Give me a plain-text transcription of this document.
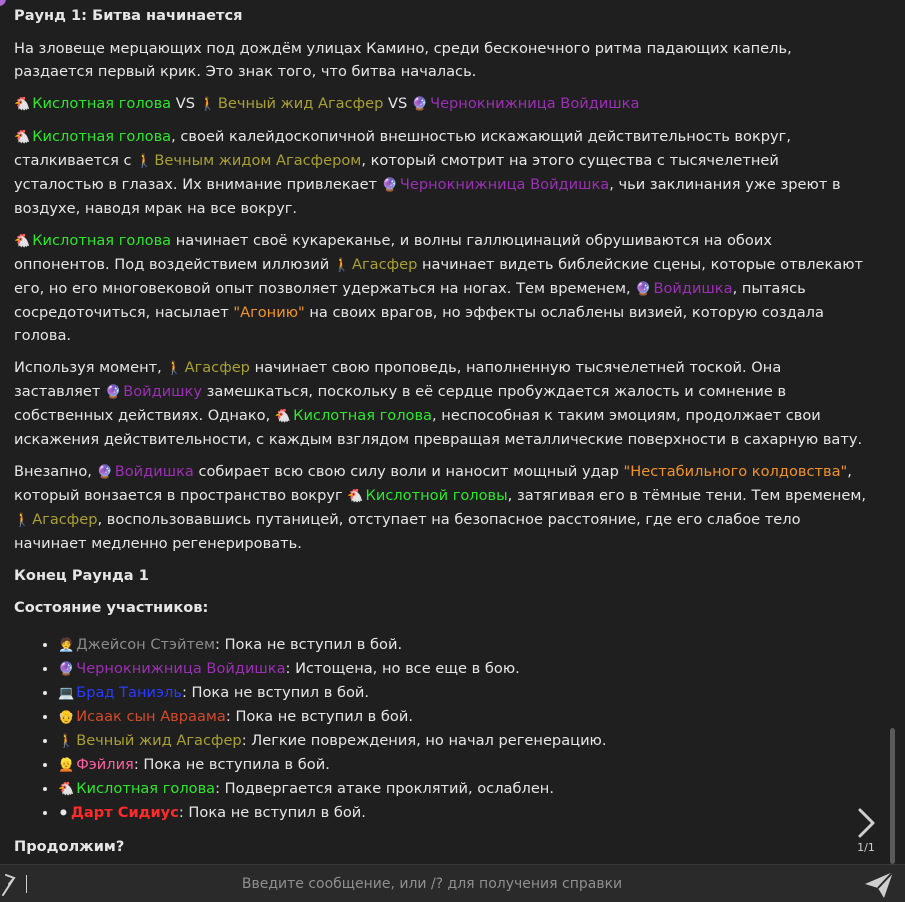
Раунд 1: Битва начинается

На зловеще мерцающих под дождём улицах Камино, среди бесконечного ритма падающих капель, раздается первый крик. Это знак того, что битва началась.

🐔 Кислотная голова VS 🚶 Вечный жид Агасфер VS 🔮 Чернокнижница Войдишка

🐔 Кислотная голова, своей калейдоскопичной внешностью искажающий действительность вокруг, сталкивается с 🚶 Вечным жидом Агасфером, который смотрит на этого существа с тысячелетней усталостью в глазах. Их внимание привлекает 🔮 Чернокнижница Войдишка, чьи заклинания уже зреют в воздухе, наводя мрак на все вокруг.

🐔 Кислотная голова начинает своё кукареканье, и волны галлюцинаций обрушиваются на обоих оппонентов. Под воздействием иллюзий 🚶 Агасфер начинает видеть библейские сцены, которые отвлекают его, но его многовековой опыт позволяет удержаться на ногах. Тем временем, 🔮 Войдишка, пытаясь сосредоточиться, насылает "Агонию" на своих врагов, но эффекты ослаблены визией, которую создала голова.

Используя момент, 🚶 Агасфер начинает свою проповедь, наполненную тысячелетней тоской. Она заставляет 🔮 Войдишку замешкаться, поскольку в её сердце пробуждается жалость и сомнение в собственных действиях. Однако, 🐔 Кислотная голова, неспособная к таким эмоциям, продолжает свои искажения действительности, с каждым взглядом превращая металлические поверхности в сахарную вату.

Внезапно, 🔮 Войдишка собирает всю свою силу воли и наносит мощный удар "Нестабильного колдовства", который вонзается в пространство вокруг 🐔 Кислотной головы, затягивая его в тёмные тени. Тем временем, 🚶 Агасфер, воспользовавшись путаницей, отступает на безопасное расстояние, где его слабое тело начинает медленно регенерировать.

Конец Раунда 1

Состояние участников:

• 🧑‍💼 Джейсон Стэйтем: Пока не вступил в бой.
• 🔮 Чернокнижница Войдишка: Истощена, но все еще в бою.
• 💻 Брад Таниэль: Пока не вступил в бой.
• 👴 Исаак сын Авраама: Пока не вступил в бой.
• 🚶 Вечный жид Агасфер: Легкие повреждения, но начал регенерацию.
• 👱 Фэйлия: Пока не вступила в бой.
• 🐔 Кислотная голова: Подвергается атаке проклятий, ослаблен.
• ⚫ Дарт Сидиус: Пока не вступил в бой.

Продолжим?	1/1
Введите сообщение, или /? для получения справки
